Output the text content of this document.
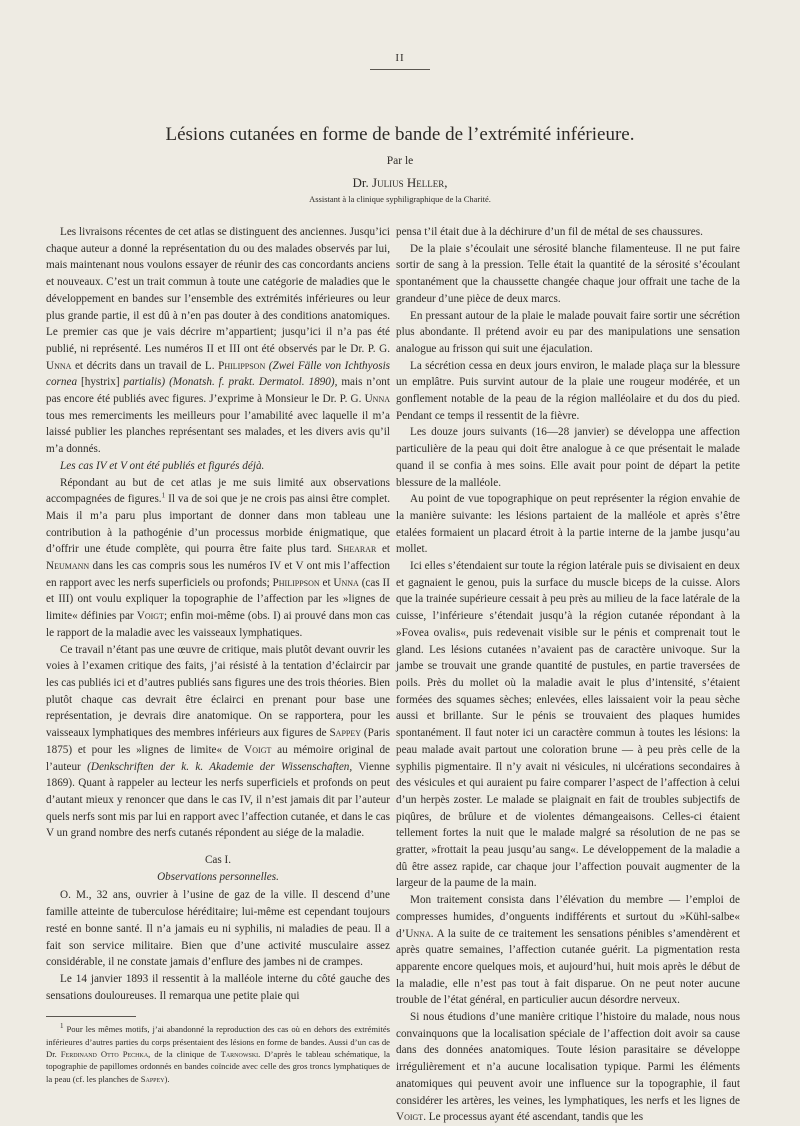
II
Lésions cutanées en forme de bande de l’extrémité inférieure.
Par le
Dr. Julius Heller,
Assistant à la clinique syphiligraphique de la Charité.

Les livraisons récentes de cet atlas se distinguent des anciennes. Jusqu’ici chaque auteur a donné la représentation du ou des malades observés par lui, mais maintenant nous voulons essayer de réunir des cas concordants anciens et nouveaux. C’est un trait commun à toute une catégorie de maladies que le développement en bandes sur l’ensemble des extrémités inférieures ou leur plus grande partie, il est dû à n’en pas douter à des conditions anatomiques. Le premier cas que je vais décrire m’appartient; jusqu’ici il n’a pas été publié, ni représenté. Les numéros II et III ont été observés par le Dr. P. G. Unna et décrits dans un travail de L. Philippson (Zwei Fälle von Ichthyosis cornea [hystrix] partialis) (Monatsh. f. prakt. Dermatol. 1890), mais n’ont pas encore été publiés avec figures. J’exprime à Monsieur le Dr. P. G. Unna tous mes remerciments les meilleurs pour l’amabilité avec laquelle il m’a laissé publier les planches représentant ses malades, et les divers avis qu’il m’a donnés.

Les cas IV et V ont été publiés et figurés déjà.

Répondant au but de cet atlas je me suis limité aux observations accompagnées de figures.$^1$ Il va de soi que je ne crois pas ainsi être complet. Mais il m’a paru plus important de donner dans mon tableau une contribution à la pathogénie d’un processus morbide énigmatique, que d’offrir une étude complète, qui pourra être faite plus tard. Shearar et Neumann dans les cas compris sous les numéros IV et V ont mis l’affection en rapport avec les nerfs superficiels ou profonds; Philippson et Unna (cas II et III) ont voulu expliquer la topographie de l’affection par les »lignes de limite« définies par Voigt; enfin moi-même (obs. I) ai prouvé dans mon cas le rapport de la maladie avec les vaisseaux lymphatiques.

Ce travail n’étant pas une œuvre de critique, mais plutôt devant ouvrir les voies à l’examen critique des faits, j’ai résisté à la tentation d’éclaircir par les cas publiés ici et d’autres publiés sans figures une des trois théories. Bien plutôt chaque cas devrait être éclairci en prenant pour base une représentation, je devrais dire anatomique. On se rapportera, pour les vaisseaux lymphatiques des membres inférieurs aux figures de Sappey (Paris 1875) et pour les »lignes de limite« de Voigt au mémoire original de l’auteur (Denkschriften der k. k. Akademie der Wissenschaften, Vienne 1869). Quant à rappeler au lecteur les nerfs superficiels et profonds on peut d’autant mieux y renoncer que dans le cas IV, il n’est jamais dit par l’auteur quels nerfs sont mis par lui en rapport avec l’affection cutanée, et dans le cas V un grand nombre des nerfs cutanés répondent au siége de la maladie.

Cas I.
Observations personnelles.

O. M., 32 ans, ouvrier à l’usine de gaz de la ville. Il descend d’une famille atteinte de tuberculose héréditaire; lui-même est cependant toujours resté en bonne santé. Il n’a jamais eu ni syphilis, ni maladies de peau. Il a fait son service militaire. Bien que d’une activité musculaire assez considérable, il ne constate jamais d’enflure des jambes ni de crampes.

Le 14 janvier 1893 il ressentit à la malléole interne du côté gauche des sensations douloureuses. Il remarqua une petite plaie qui

$^1$ Pour les mêmes motifs, j’ai abandonné la reproduction des cas où en dehors des extrémités inférieures d’autres parties du corps présentaient des lésions en forme de bandes. Aussi d’un cas de Dr. Ferdinand Otto Pechka, de la clinique de Tarnowski. D’après le tableau schématique, la topographie de papillomes ordonnés en bandes coïncide avec celle des gros troncs lymphatiques de la peau (cf. les planches de Sappey).

pensa t’il était due à la déchirure d’un fil de métal de ses chaussures.

De la plaie s’écoulait une sérosité blanche filamenteuse. Il ne put faire sortir de sang à la pression. Telle était la quantité de la sérosité s’écoulant spontanément que la chaussette changée chaque jour offrait une tache de la grandeur d’une pièce de deux marcs.

En pressant autour de la plaie le malade pouvait faire sortir une sécrétion plus abondante. Il prétend avoir eu par des manipulations une sensation analogue au frisson qui suit une éjaculation.

La sécrétion cessa en deux jours environ, le malade plaça sur la blessure un emplâtre. Puis survint autour de la plaie une rougeur modérée, et un gonflement notable de la peau de la région malléolaire et du dos du pied. Pendant ce temps il ressentit de la fièvre.

Les douze jours suivants (16—28 janvier) se développa une affection particulière de la peau qui doit être analogue à ce que présentait le malade quand il se confia à mes soins. Elle avait pour point de départ la petite blessure de la malléole.

Au point de vue topographique on peut représenter la région envahie de la manière suivante: les lésions partaient de la malléole et après s’être etalées formaient un placard étroit à la partie interne de la jambe jusqu’au mollet.

Ici elles s’étendaient sur toute la région latérale puis se divisaient en deux et gagnaient le genou, puis la surface du muscle biceps de la cuisse. Alors que la trainée supérieure cessait à peu près au milieu de la face latérale de la cuisse, l’inférieure s’étendait jusqu’à la région cutanée répondant à la »Fovea ovalis«, puis redevenait visible sur le pénis et comprenait tout le gland. Les lésions cutanées n’avaient pas de caractère univoque. Sur la jambe se trouvait une grande quantité de pustules, en partie traversées de poils. Près du mollet où la maladie avait le plus d’intensité, s’étaient formées des squames sèches; enlevées, elles laissaient voir la peau sèche aussi et brillante. Sur le pénis se trouvaient des plaques humides spontanément. Il faut noter ici un caractère commun à toutes les lésions: la peau malade avait partout une coloration brune — à peu près celle de la syphilis pigmentaire. Il n’y avait ni vésicules, ni ulcérations secondaires à des vésicules et qui auraient pu faire comparer l’aspect de l’affection à celui d’un herpès zoster. Le malade se plaignait en fait de troubles subjectifs de piqûres, de brûlure et de violentes démangeaisons. Celles-ci étaient tellement fortes la nuit que le malade malgré sa résolution de ne pas se gratter, »frottait la peau jusqu’au sang«. Le développement de la maladie a dû être assez rapide, car chaque jour l’affection pouvait augmenter de la largeur de la paume de la main.

Mon traitement consista dans l’élévation du membre — l’emploi de compresses humides, d’onguents indifférents et surtout du »Kühl-salbe« d’Unna. A la suite de ce traitement les sensations pénibles s’amendèrent et après quatre semaines, l’affection cutanée guérit. La pigmentation resta apparente encore quelques mois, et aujourd’hui, huit mois après le début de la maladie, elle n’est pas tout à fait disparue. On ne peut noter aucune trouble de l’état général, en particulier aucun désordre nerveux.

Si nous étudions d’une manière critique l’histoire du malade, nous nous convainquons que la localisation spéciale de l’affection doit avoir sa cause dans des données anatomiques. Toute lésion parasitaire se développe irrégulièrement et n’a aucune localisation typique. Parmi les éléments anatomiques qui peuvent avoir une influence sur la topographie, il faut considérer les artères, les veines, les lymphatiques, les nerfs et les lignes de Voigt. Le processus ayant été ascendant, tandis que les
